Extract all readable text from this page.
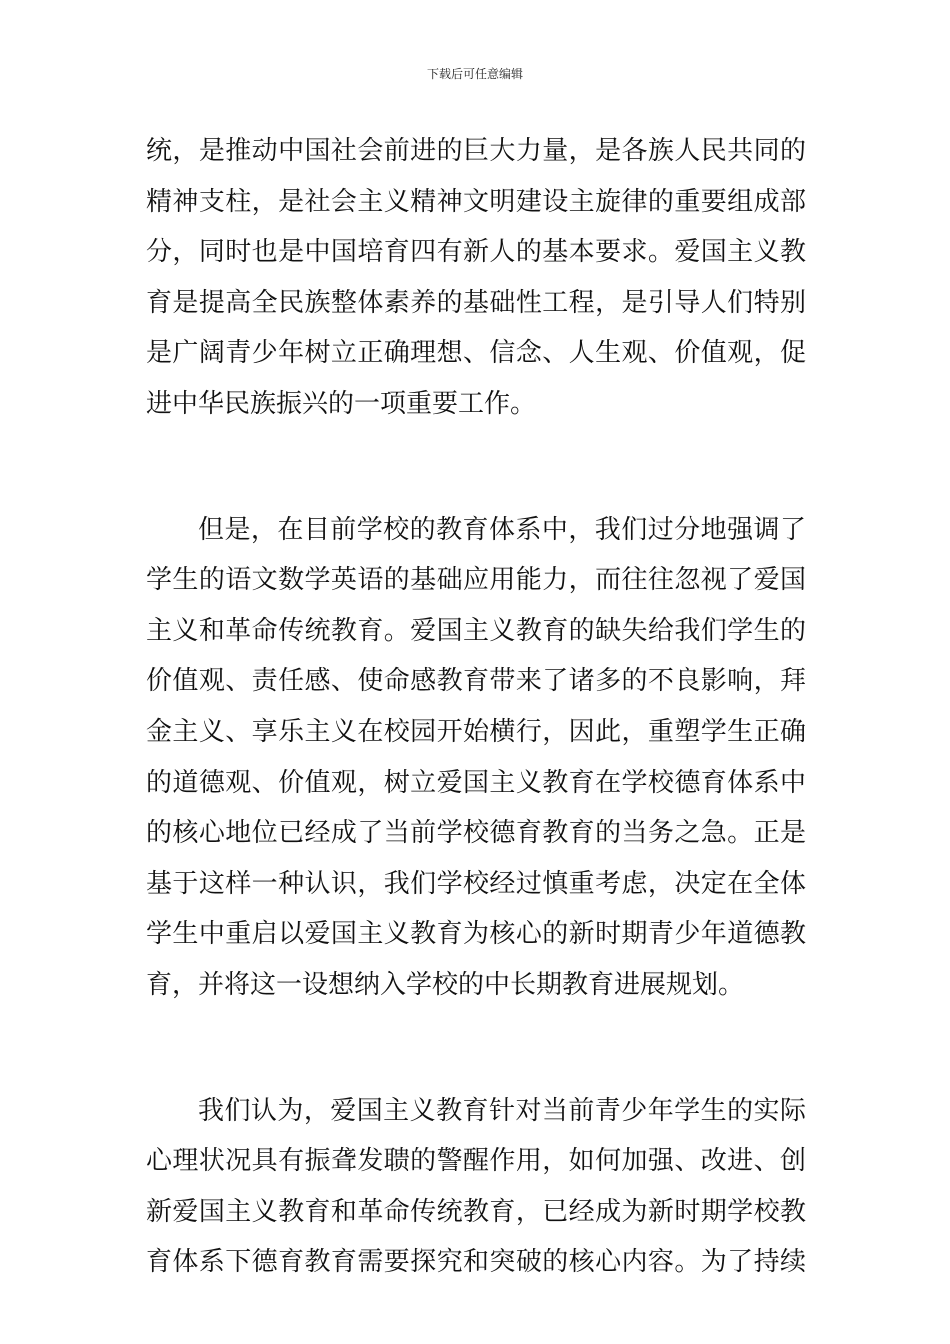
下载后可任意编辑
统，是推动中国社会前进的巨大力量，是各族人民共同的
精神支柱，是社会主义精神文明建设主旋律的重要组成部
分，同时也是中国培育四有新人的基本要求。爱国主义教
育是提高全民族整体素养的基础性工程，是引导人们特别
是广阔青少年树立正确理想、信念、人生观、价值观，促
进中华民族振兴的一项重要工作。
但是，在目前学校的教育体系中，我们过分地强调了
学生的语文数学英语的基础应用能力，而往往忽视了爱国
主义和革命传统教育。爱国主义教育的缺失给我们学生的
价值观、责任感、使命感教育带来了诸多的不良影响，拜
金主义、享乐主义在校园开始横行，因此，重塑学生正确
的道德观、价值观，树立爱国主义教育在学校德育体系中
的核心地位已经成了当前学校德育教育的当务之急。正是
基于这样一种认识，我们学校经过慎重考虑，决定在全体
学生中重启以爱国主义教育为核心的新时期青少年道德教
育，并将这一设想纳入学校的中长期教育进展规划。
我们认为，爱国主义教育针对当前青少年学生的实际
心理状况具有振聋发聩的警醒作用，如何加强、改进、创
新爱国主义教育和革命传统教育，已经成为新时期学校教
育体系下德育教育需要探究和突破的核心内容。为了持续
